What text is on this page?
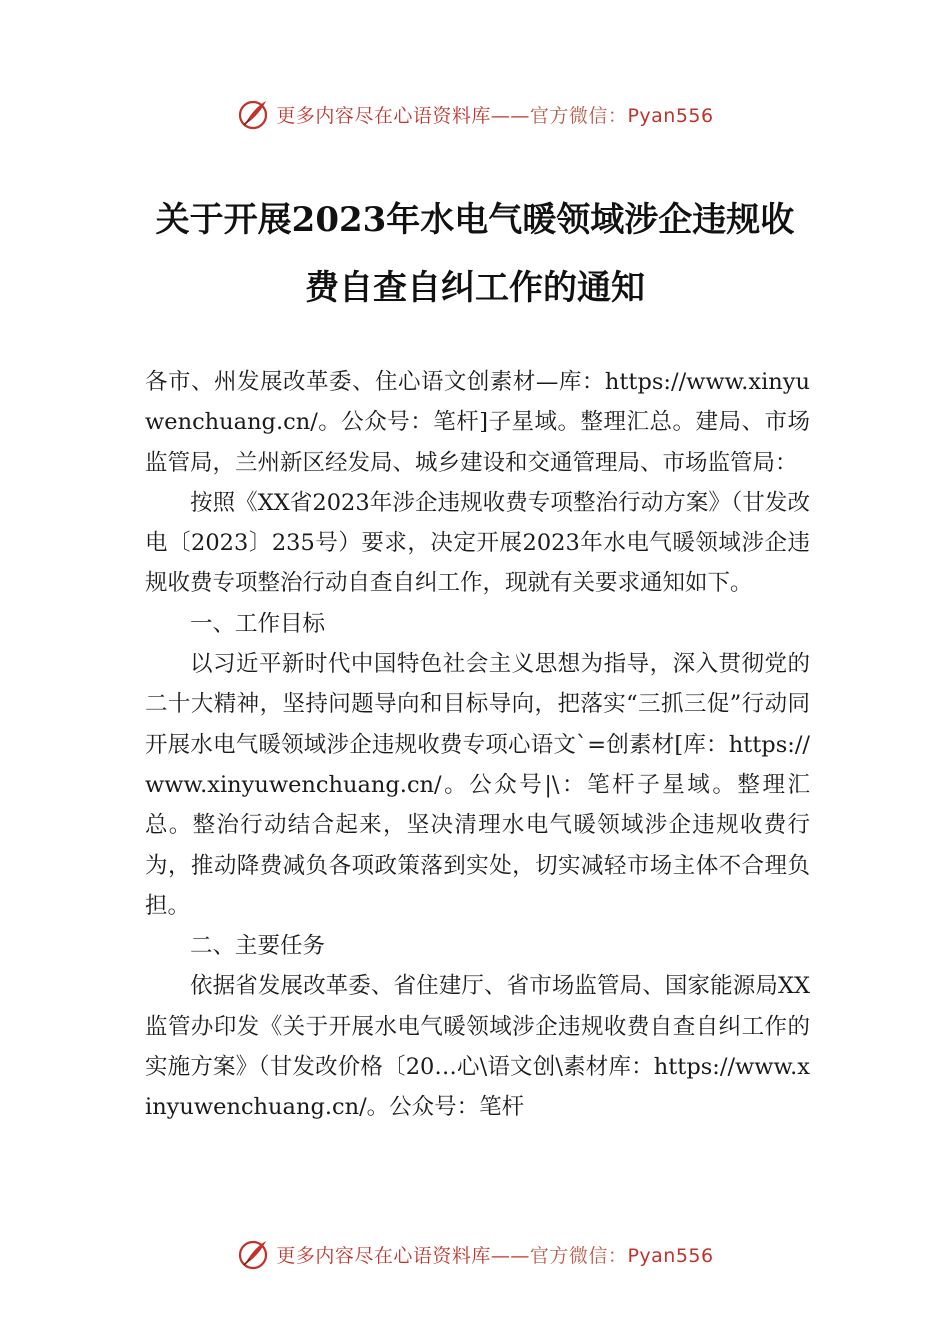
更多内容尽在心语资料库——官方微信：Pyan556
关于开展2023年水电气暖领域涉企违规收
费自查自纠工作的通知

各市、州发展改革委、住心语文创素材—库：https://www.xinyuwenchuang.cn/。公众号：笔杆]子星域。整理汇总。建局、市场监管局，兰州新区经发局、城乡建设和交通管理局、市场监管局：

按照《XX省2023年涉企违规收费专项整治行动方案》（甘发改电〔2023〕235号）要求，决定开展2023年水电气暖领域涉企违规收费专项整治行动自查自纠工作，现就有关要求通知如下。

一、工作目标

以习近平新时代中国特色社会主义思想为指导，深入贯彻党的二十大精神，坚持问题导向和目标导向，把落实“三抓三促”行动同开展水电气暖领域涉企违规收费专项心语文`=创素材[库：https://www.xinyuwenchuang.cn/。公众号|\：笔杆子星域。整理汇总。整治行动结合起来，坚决清理水电气暖领域涉企违规收费行为，推动降费减负各项政策落到实处，切实减轻市场主体不合理负担。

二、主要任务

依据省发展改革委、省住建厅、省市场监管局、国家能源局XX监管办印发《关于开展水电气暖领域涉企违规收费自查自纠工作的实施方案》（甘发改价格〔20…心\语文创\素材库：https://www.xinyuwenchuang.cn/。公众号：笔杆

更多内容尽在心语资料库——官方微信：Pyan556
